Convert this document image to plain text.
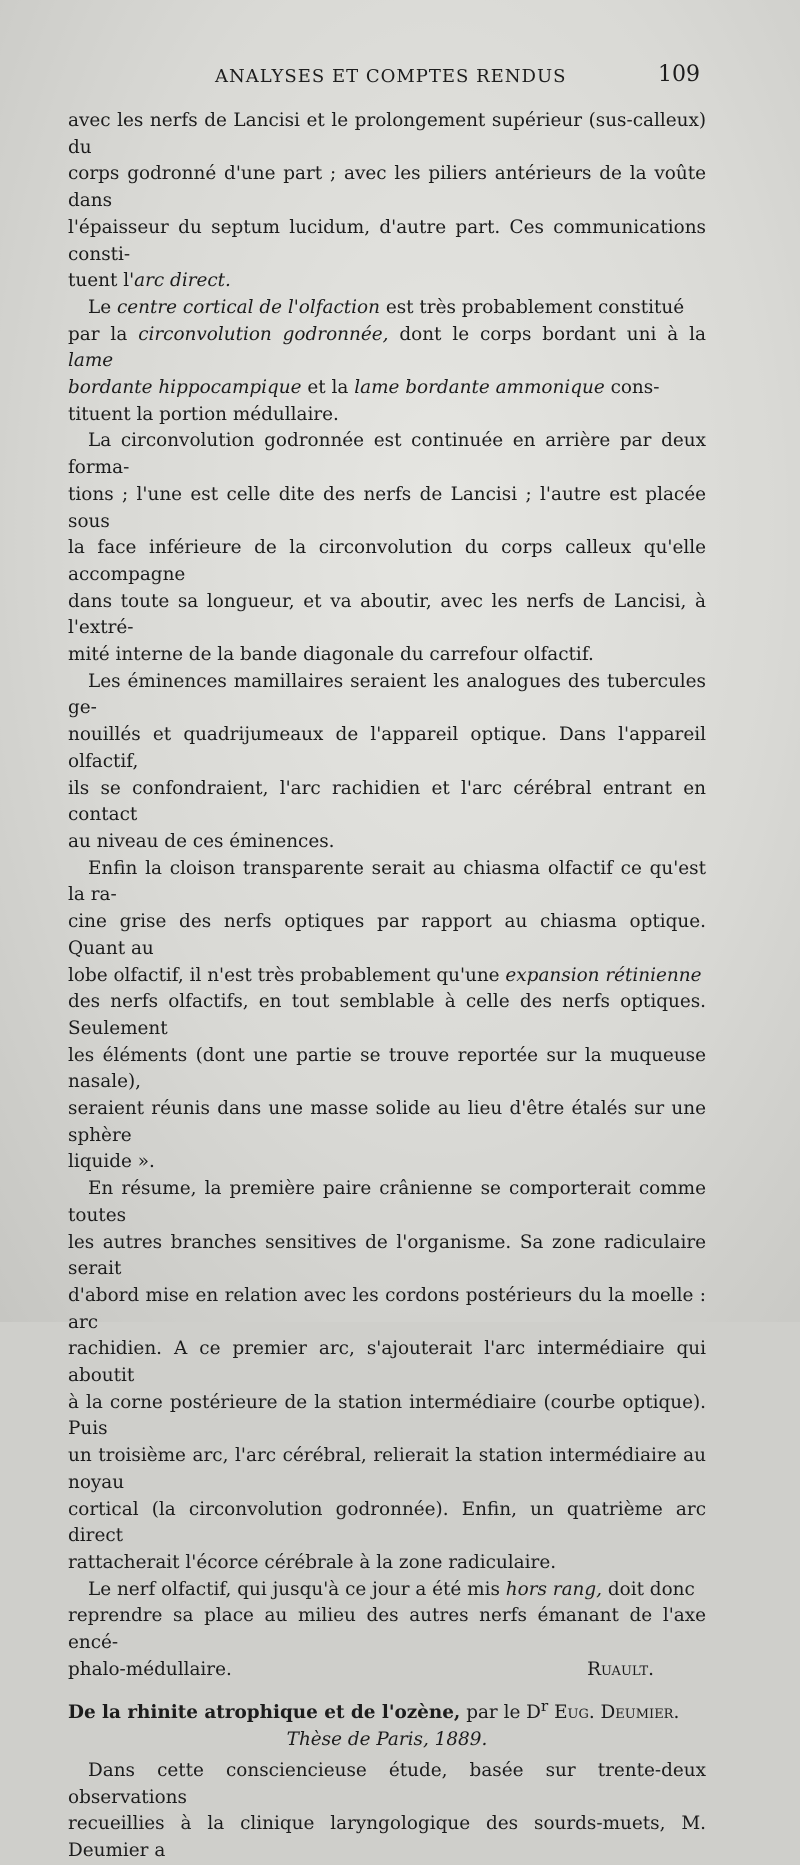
ANALYSES ET COMPTES RENDUS	109

avec les nerfs de Lancisi et le prolongement supérieur (sus-calleux) du
corps godronné d'une part ; avec les piliers antérieurs de la voûte dans
l'épaisseur du septum lucidum, d'autre part. Ces communications consti-
tuent l'arc direct.

Le centre cortical de l'olfaction est très probablement constitué
par la circonvolution godronnée, dont le corps bordant uni à la lame
bordante hippocampique et la lame bordante ammonique cons-
tituent la portion médullaire.

La circonvolution godronnée est continuée en arrière par deux forma-
tions ; l'une est celle dite des nerfs de Lancisi ; l'autre est placée sous
la face inférieure de la circonvolution du corps calleux qu'elle accompagne
dans toute sa longueur, et va aboutir, avec les nerfs de Lancisi, à l'extré-
mité interne de la bande diagonale du carrefour olfactif.

Les éminences mamillaires seraient les analogues des tubercules ge-
nouillés et quadrijumeaux de l'appareil optique. Dans l'appareil olfactif,
ils se confondraient, l'arc rachidien et l'arc cérébral entrant en contact
au niveau de ces éminences.

Enfin la cloison transparente serait au chiasma olfactif ce qu'est la ra-
cine grise des nerfs optiques par rapport au chiasma optique. Quant au
lobe olfactif, il n'est très probablement qu'une expansion rétinienne
des nerfs olfactifs, en tout semblable à celle des nerfs optiques. Seulement
les éléments (dont une partie se trouve reportée sur la muqueuse nasale),
seraient réunis dans une masse solide au lieu d'être étalés sur une sphère
liquide ».

En résume, la première paire crânienne se comporterait comme toutes
les autres branches sensitives de l'organisme. Sa zone radiculaire serait
d'abord mise en relation avec les cordons postérieurs du la moelle : arc
rachidien. A ce premier arc, s'ajouterait l'arc intermédiaire qui aboutit
à la corne postérieure de la station intermédiaire (courbe optique). Puis
un troisième arc, l'arc cérébral, relierait la station intermédiaire au noyau
cortical (la circonvolution godronnée). Enfin, un quatrième arc direct
rattacherait l'écorce cérébrale à la zone radiculaire.

Le nerf olfactif, qui jusqu'à ce jour a été mis hors rang, doit donc
reprendre sa place au milieu des autres nerfs émanant de l'axe encé-
phalo-médullaire.	Ruault.

De la rhinite atrophique et de l'ozène, par le $D^r$ Eug. Deumier.

Thèse de Paris, 1889.

Dans cette consciencieuse étude, basée sur trente-deux observations
recueillies à la clinique laryngologique des sourds-muets, M. Deumier a
